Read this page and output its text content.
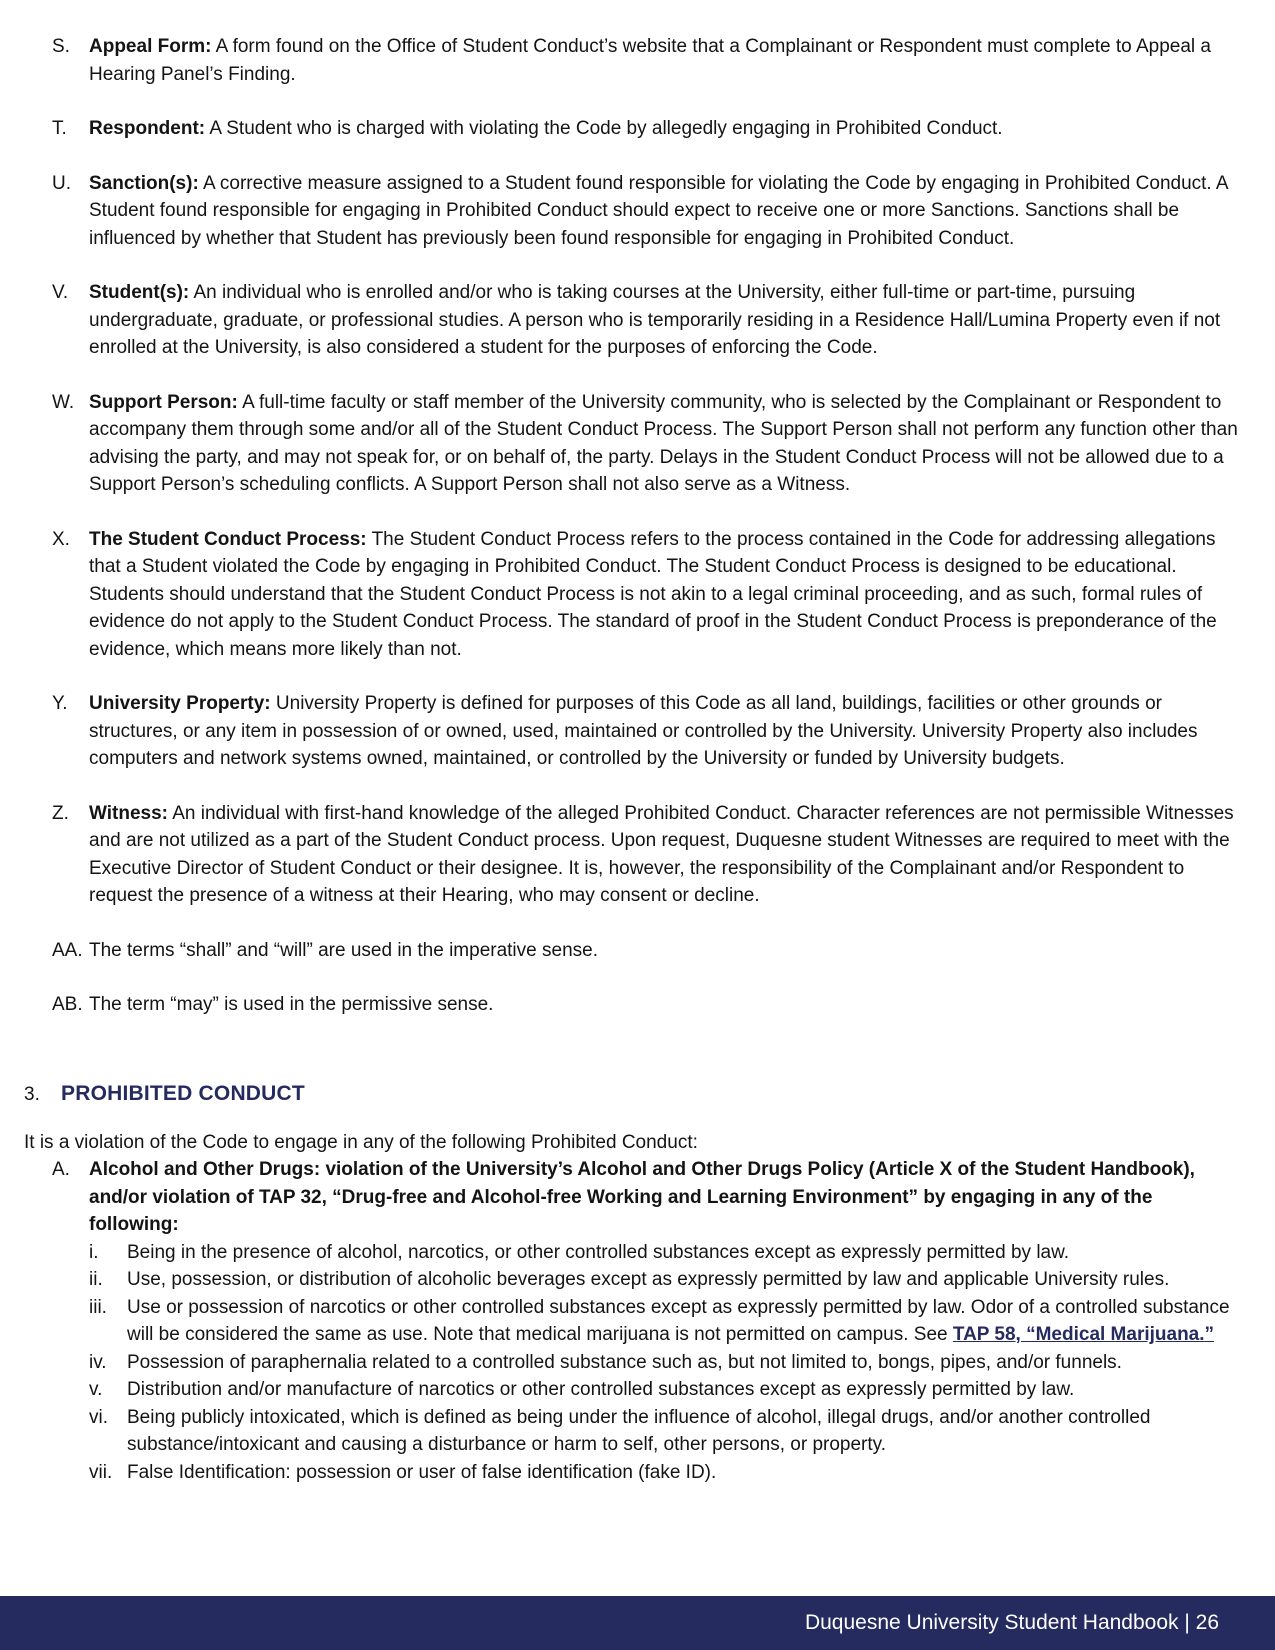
S.	Appeal Form: A form found on the Office of Student Conduct’s website that a Complainant or Respondent must complete to Appeal a Hearing Panel’s Finding.
T.	Respondent: A Student who is charged with violating the Code by allegedly engaging in Prohibited Conduct.
U. Sanction(s): A corrective measure assigned to a Student found responsible for violating the Code by engaging in Prohibited Conduct. A Student found responsible for engaging in Prohibited Conduct should expect to receive one or more Sanctions. Sanctions shall be influenced by whether that Student has previously been found responsible for engaging in Prohibited Conduct.
V.	Student(s): An individual who is enrolled and/or who is taking courses at the University, either full-time or part-time, pursuing undergraduate, graduate, or professional studies. A person who is temporarily residing in a Residence Hall/Lumina Property even if not enrolled at the University, is also considered a student for the purposes of enforcing the Code.
W. Support Person: A full-time faculty or staff member of the University community, who is selected by the Complainant or Respondent to accompany them through some and/or all of the Student Conduct Process. The Support Person shall not perform any function other than advising the party, and may not speak for, or on behalf of, the party. Delays in the Student Conduct Process will not be allowed due to a Support Person’s scheduling conflicts. A Support Person shall not also serve as a Witness.
X.	The Student Conduct Process: The Student Conduct Process refers to the process contained in the Code for addressing allegations that a Student violated the Code by engaging in Prohibited Conduct. The Student Conduct Process is designed to be educational. Students should understand that the Student Conduct Process is not akin to a legal criminal proceeding, and as such, formal rules of evidence do not apply to the Student Conduct Process. The standard of proof in the Student Conduct Process is preponderance of the evidence, which means more likely than not.
Y.	University Property: University Property is defined for purposes of this Code as all land, buildings, facilities or other grounds or structures, or any item in possession of or owned, used, maintained or controlled by the University. University Property also includes computers and network systems owned, maintained, or controlled by the University or funded by University budgets.
Z.	Witness: An individual with first-hand knowledge of the alleged Prohibited Conduct. Character references are not permissible Witnesses and are not utilized as a part of the Student Conduct process. Upon request, Duquesne student Witnesses are required to meet with the Executive Director of Student Conduct or their designee. It is, however, the responsibility of the Complainant and/or Respondent to request the presence of a witness at their Hearing, who may consent or decline.
AA. The terms “shall” and “will” are used in the imperative sense.
AB. The term “may” is used in the permissive sense.
3.	PROHIBITED CONDUCT
It is a violation of the Code to engage in any of the following Prohibited Conduct:
A.	Alcohol and Other Drugs: violation of the University’s Alcohol and Other Drugs Policy (Article X of the Student Handbook), and/or violation of TAP 32, “Drug-free and Alcohol-free Working and Learning Environment” by engaging in any of the following:
i.	Being in the presence of alcohol, narcotics, or other controlled substances except as expressly permitted by law.
ii.	Use, possession, or distribution of alcoholic beverages except as expressly permitted by law and applicable University rules.
iii.	Use or possession of narcotics or other controlled substances except as expressly permitted by law. Odor of a controlled substance will be considered the same as use. Note that medical marijuana is not permitted on campus. See TAP 58, “Medical Marijuana.”
iv.	Possession of paraphernalia related to a controlled substance such as, but not limited to, bongs, pipes, and/or funnels.
v.	Distribution and/or manufacture of narcotics or other controlled substances except as expressly permitted by law.
vi.	Being publicly intoxicated, which is defined as being under the influence of alcohol, illegal drugs, and/or another controlled substance/intoxicant and causing a disturbance or harm to self, other persons, or property.
vii. False Identification: possession or user of false identification (fake ID).
Duquesne University Student Handbook | 26
